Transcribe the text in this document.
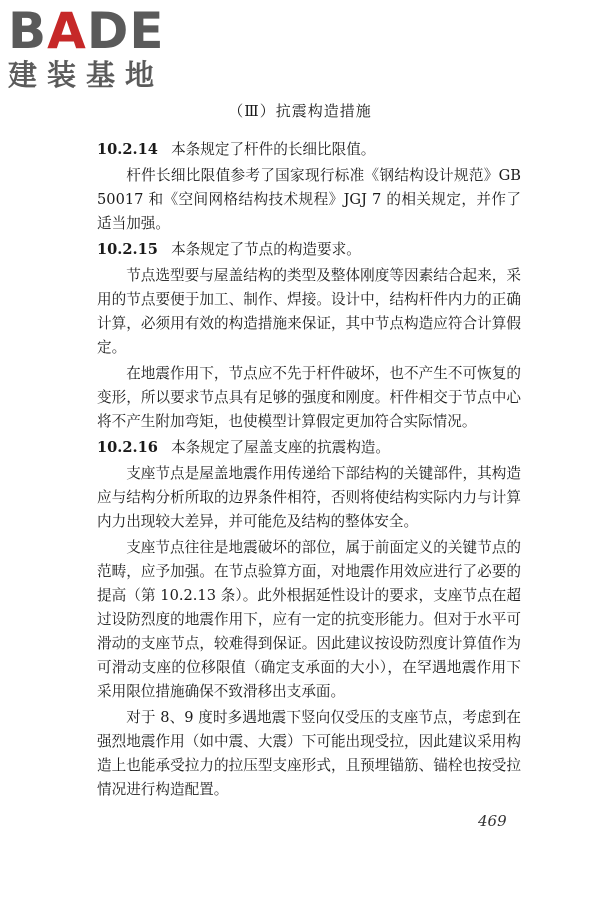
BADE
建装基地
（Ⅲ）抗震构造措施

10.2.14 本条规定了杆件的长细比限值。

杆件长细比限值参考了国家现行标准《钢结构设计规范》GB 50017 和《空间网格结构技术规程》JGJ 7 的相关规定，并作了适当加强。

10.2.15 本条规定了节点的构造要求。

节点选型要与屋盖结构的类型及整体刚度等因素结合起来，采用的节点要便于加工、制作、焊接。设计中，结构杆件内力的正确计算，必须用有效的构造措施来保证，其中节点构造应符合计算假定。

在地震作用下，节点应不先于杆件破坏，也不产生不可恢复的变形，所以要求节点具有足够的强度和刚度。杆件相交于节点中心将不产生附加弯矩，也使模型计算假定更加符合实际情况。

10.2.16 本条规定了屋盖支座的抗震构造。

支座节点是屋盖地震作用传递给下部结构的关键部件，其构造应与结构分析所取的边界条件相符，否则将使结构实际内力与计算内力出现较大差异，并可能危及结构的整体安全。

支座节点往往是地震破坏的部位，属于前面定义的关键节点的范畴，应予加强。在节点验算方面，对地震作用效应进行了必要的提高（第 10.2.13 条）。此外根据延性设计的要求，支座节点在超过设防烈度的地震作用下，应有一定的抗变形能力。但对于水平可滑动的支座节点，较难得到保证。因此建议按设防烈度计算值作为可滑动支座的位移限值（确定支承面的大小），在罕遇地震作用下采用限位措施确保不致滑移出支承面。

对于 8、9 度时多遇地震下竖向仅受压的支座节点，考虑到在强烈地震作用（如中震、大震）下可能出现受拉，因此建议采用构造上也能承受拉力的拉压型支座形式，且预埋锚筋、锚栓也按受拉情况进行构造配置。

469
